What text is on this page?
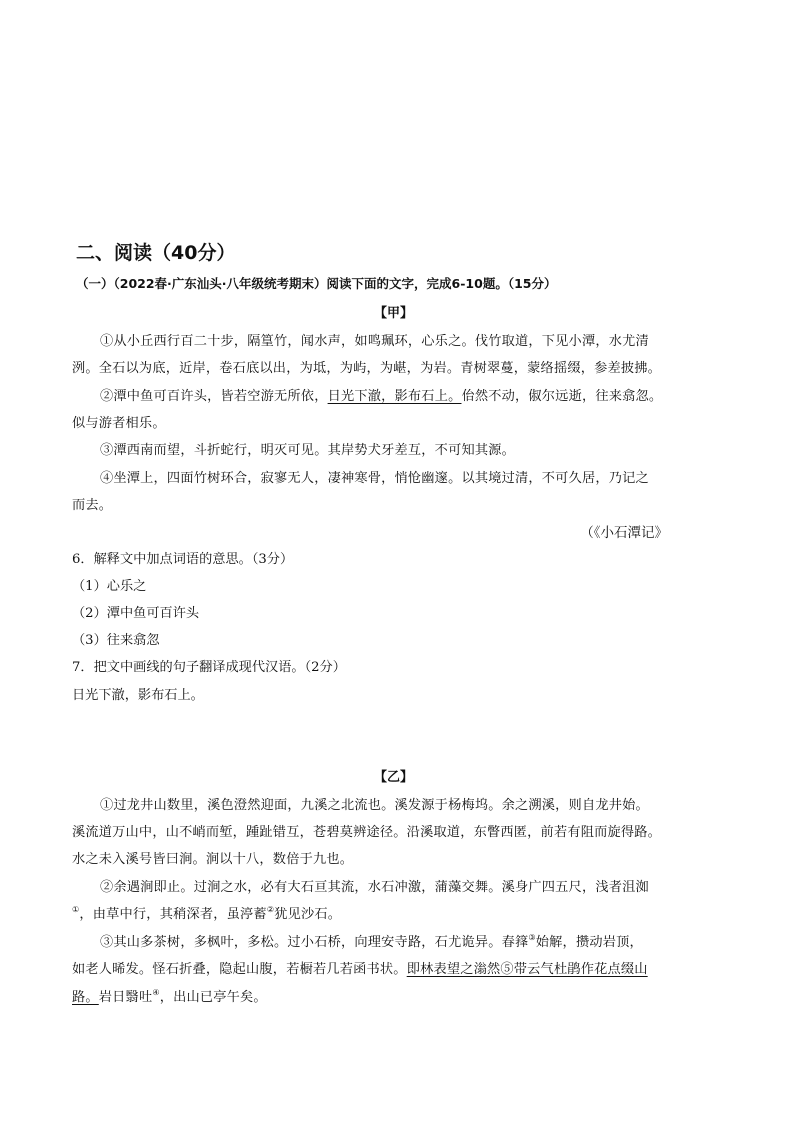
二、阅读（40分）
（一）（2022春·广东汕头·八年级统考期末）阅读下面的文字，完成6-10题。（15分）
【甲】
①从小丘西行百二十步，隔篁竹，闻水声，如鸣珮环，心乐之。伐竹取道，下见小潭，水尤清
洌。全石以为底，近岸，卷石底以出，为坻，为屿，为嵁，为岩。青树翠蔓，蒙络摇缀，参差披拂。
②潭中鱼可百许头，皆若空游无所依，日光下澈，影布石上。佁然不动，俶尔远逝，往来翕忽。
似与游者相乐。
③潭西南而望，斗折蛇行，明灭可见。其岸势犬牙差互，不可知其源。
④坐潭上，四面竹树环合，寂寥无人，凄神寒骨，悄怆幽邃。以其境过清，不可久居，乃记之
而去。
（《小石潭记》
6．解释文中加点词语的意思。（3分）
（1）心乐之
（2）潭中鱼可百许头
（3）往来翕忽
7．把文中画线的句子翻译成现代汉语。（2分）
日光下澈，影布石上。
【乙】
①过龙井山数里，溪色澄然迎面，九溪之北流也。溪发源于杨梅坞。余之溯溪，则自龙井始。
溪流道万山中，山不峭而堑，踵趾错互，苍碧莫辨途径。沿溪取道，东瞥西匿，前若有阻而旋得路。
水之未入溪号皆曰涧。涧以十八，数倍于九也。
②余遇涧即止。过涧之水，必有大石亘其流，水石冲激，蒲藻交舞。溪身广四五尺，浅者沮洳
①，由草中行，其稍深者，虽渟蓄②犹见沙石。
③其山多茶树，多枫叶，多松。过小石桥，向理安寺路，石尤诡异。春箨③始解，攒动岩顶，
如老人晞发。怪石折叠，隐起山腹，若橱若几若函书状。即林表望之滃然⑤带云气杜鹃作花点缀山
路。岩日翳吐④，出山已亭午矣。
